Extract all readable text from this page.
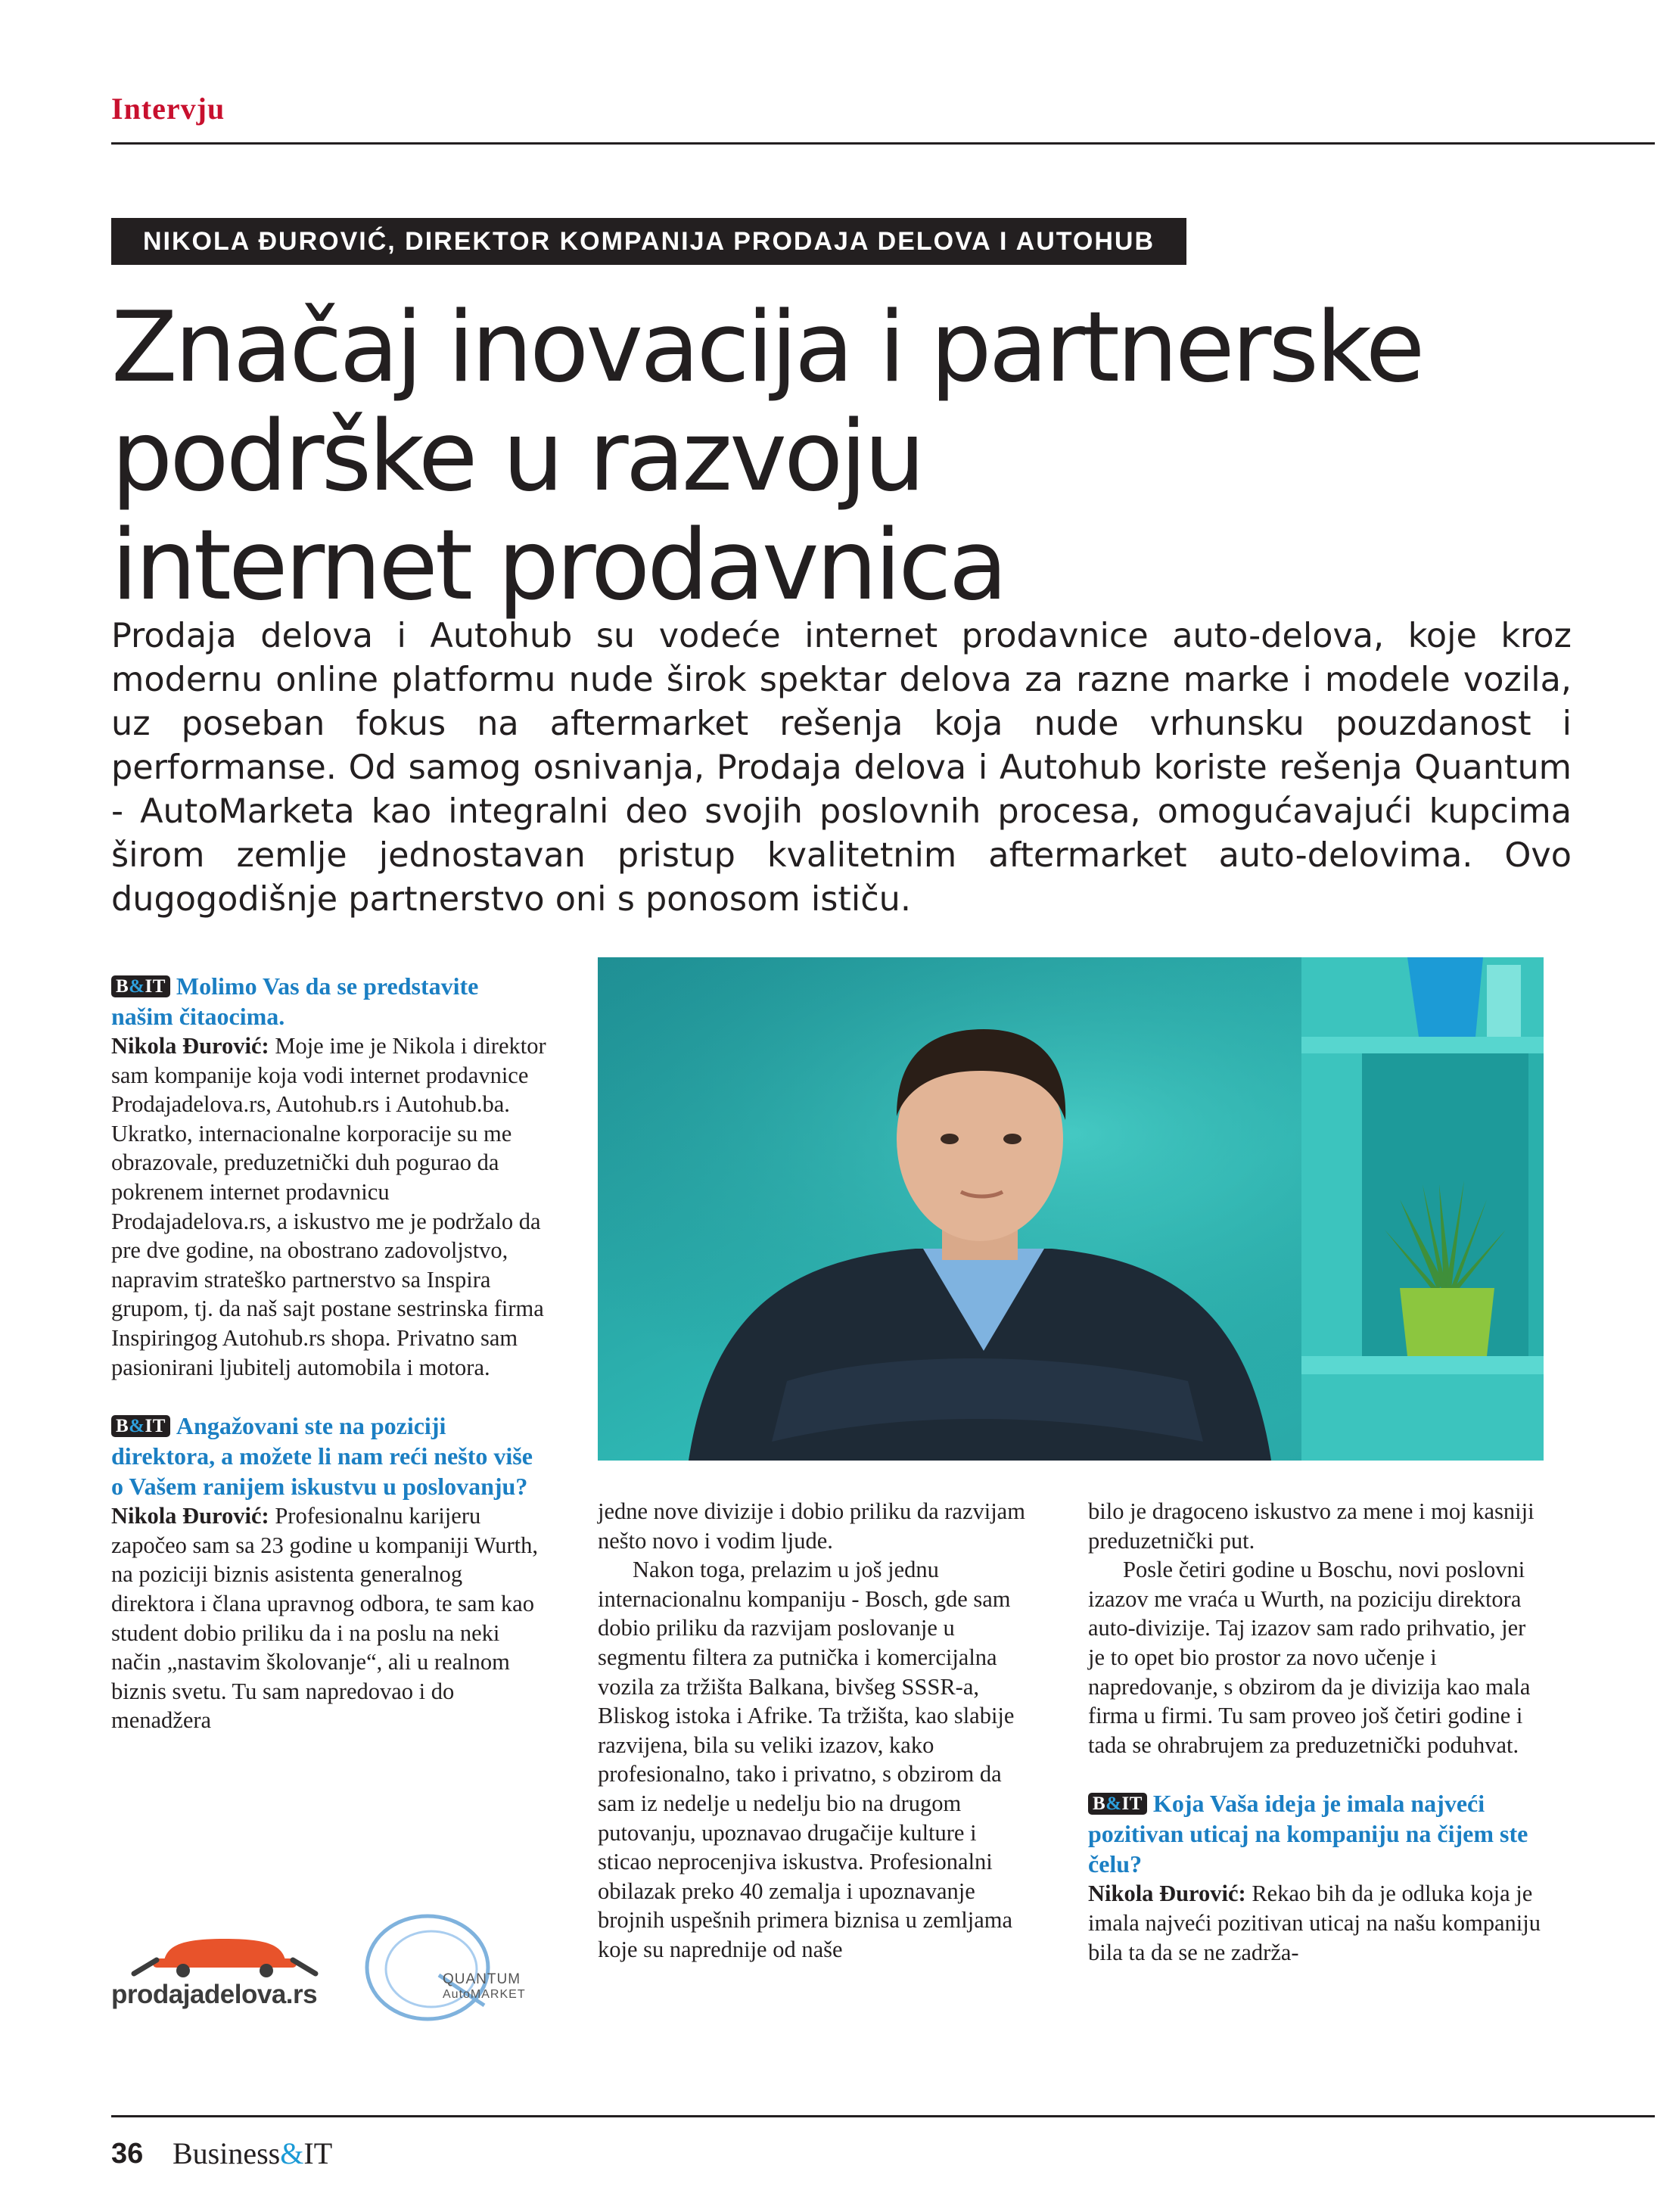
Intervju
NIKOLA ĐUROVIĆ, DIREKTOR KOMPANIJA PRODAJA DELOVA I AUTOHUB
Značaj inovacija i partnerske
podrške u razvoju
internet prodavnica
Prodaja delova i Autohub su vodeće internet prodavnice auto-delova, koje kroz modernu online platformu nude širok spektar delova za razne marke i modele vozila, uz poseban fokus na aftermarket rešenja koja nude vrhunsku pouzdanost i performanse. Od samog osnivanja, Prodaja delova i Autohub koriste rešenja Quantum - AutoMarketa kao integralni deo svojih poslovnih procesa, omogućavajući kupcima širom zemlje jednostavan pristup kvalitetnim aftermarket auto-delovima. Ovo dugogodišnje partnerstvo oni s ponosom ističu.

B&IT Molimo Vas da se predstavite našim čitaocima.

Nikola Đurović: Moje ime je Nikola i direktor sam kompanije koja vodi internet prodavnice Prodajadelova.rs, Autohub.rs i Autohub.ba. Ukratko, internacionalne korporacije su me obrazovale, preduzetnički duh pogurao da pokrenem internet prodavnicu Prodajadelova.rs, a iskustvo me je podržalo da pre dve godine, na obostrano zadovoljstvo, napravim strateško partnerstvo sa Inspira grupom, tj. da naš sajt postane sestrinska firma Inspiringog Autohub.rs shopa. Privatno sam pasionirani ljubitelj automobila i motora.

B&IT Angažovani ste na poziciji direktora, a možete li nam reći nešto više o Vašem ranijem iskustvu u poslovanju?

Nikola Đurović: Profesionalnu karijeru započeo sam sa 23 godine u kompaniji Wurth, na poziciji biznis asistenta generalnog direktora i člana upravnog odbora, te sam kao student dobio priliku da i na poslu na neki način „nastavim školovanje“, ali u realnom biznis svetu. Tu sam napredovao i do menadžera

jedne nove divizije i dobio priliku da razvijam nešto novo i vodim ljude.

Nakon toga, prelazim u još jednu internacionalnu kompaniju - Bosch, gde sam dobio priliku da razvijam poslovanje u segmentu filtera za putnička i komercijalna vozila za tržišta Balkana, bivšeg SSSR-a, Bliskog istoka i Afrike. Ta tržišta, kao slabije razvijena, bila su veliki izazov, kako profesionalno, tako i privatno, s obzirom da sam iz nedelje u nedelju bio na drugom putovanju, upoznavao drugačije kulture i sticao neprocenjiva iskustva. Profesionalni obilazak preko 40 zemalja i upoznavanje brojnih uspešnih primera biznisa u zemljama koje su naprednije od naše

bilo je dragoceno iskustvo za mene i moj kasniji preduzetnički put.

Posle četiri godine u Boschu, novi poslovni izazov me vraća u Wurth, na poziciju direktora auto-divizije. Taj izazov sam rado prihvatio, jer je to opet bio prostor za novo učenje i napredovanje, s obzirom da je divizija kao mala firma u firmi. Tu sam proveo još četiri godine i tada se ohrabrujem za preduzetnički poduhvat.

B&IT Koja Vaša ideja je imala najveći pozitivan uticaj na kompaniju na čijem ste čelu?

Nikola Đurović: Rekao bih da je odluka koja je imala najveći pozitivan uticaj na našu kompaniju bila ta da se ne zadrža-

prodajadelova.rs
QUANTUM
AutoMARKET
36 Business&IT
